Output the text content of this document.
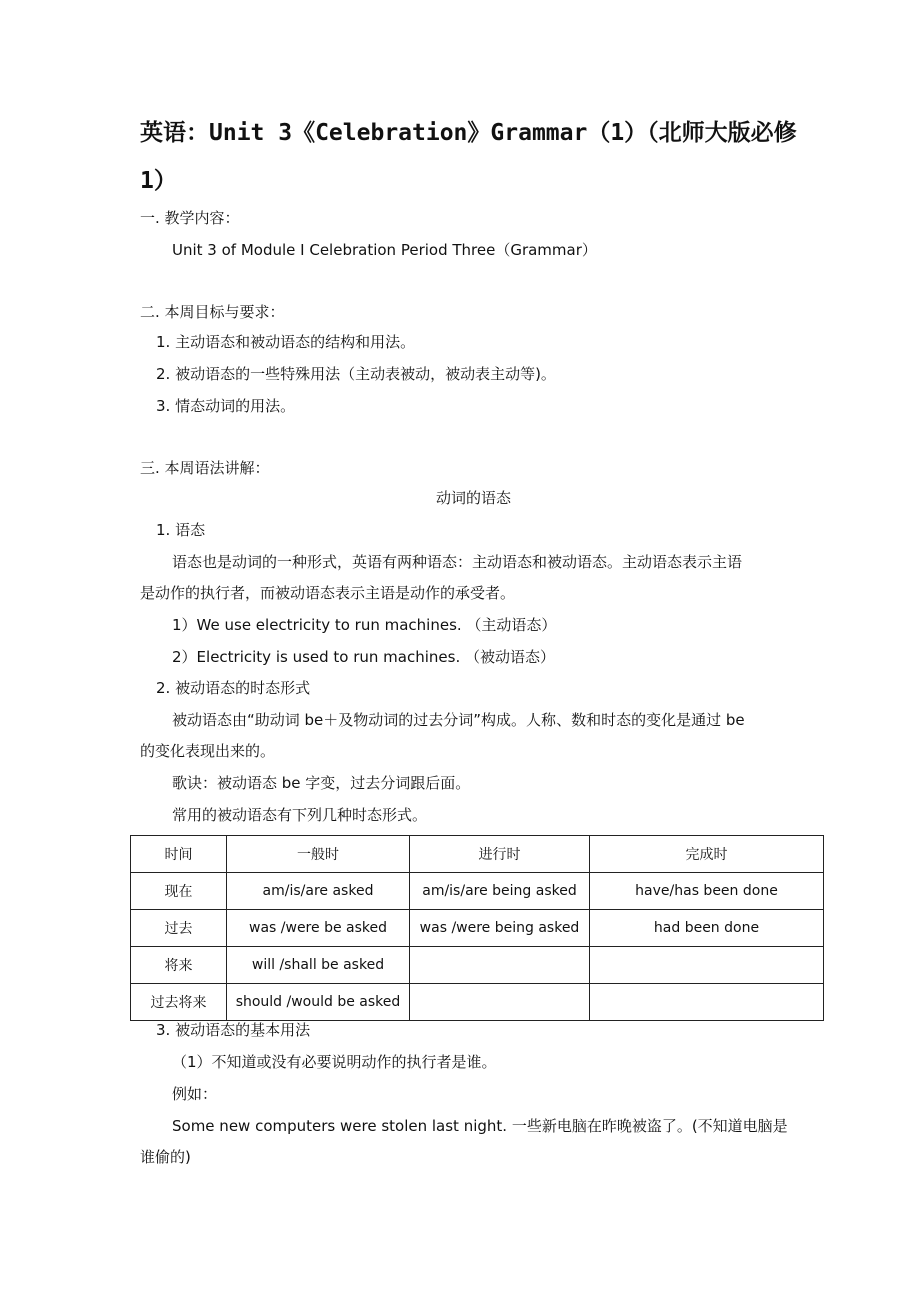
英语：Unit 3《Celebration》Grammar（1）（北师大版必修
1）
一. 教学内容：
Unit 3 of Module I Celebration Period Three（Grammar）
二. 本周目标与要求：
1. 主动语态和被动语态的结构和用法。
2. 被动语态的一些特殊用法（主动表被动，被动表主动等)。
3. 情态动词的用法。
三. 本周语法讲解：
动词的语态
1. 语态
语态也是动词的一种形式，英语有两种语态：主动语态和被动语态。主动语态表示主语
是动作的执行者，而被动语态表示主语是动作的承受者。
1）We use electricity to run machines. （主动语态）
2）Electricity is used to run machines. （被动语态）
2. 被动语态的时态形式
被动语态由“助动词 be＋及物动词的过去分词”构成。人称、数和时态的变化是通过 be
的变化表现出来的。
歌诀：被动语态 be 字变，过去分词跟后面。
常用的被动语态有下列几种时态形式。
时间	一般时	进行时	完成时
现在	am/is/are asked	am/is/are being asked	have/has been done
过去	was /were be asked	was /were being asked	had been done
将来	will /shall be asked		
过去将来	should /would be asked		
3. 被动语态的基本用法
（1）不知道或没有必要说明动作的执行者是谁。
例如：
Some new computers were stolen last night. 一些新电脑在昨晚被盗了。(不知道电脑是
谁偷的)
